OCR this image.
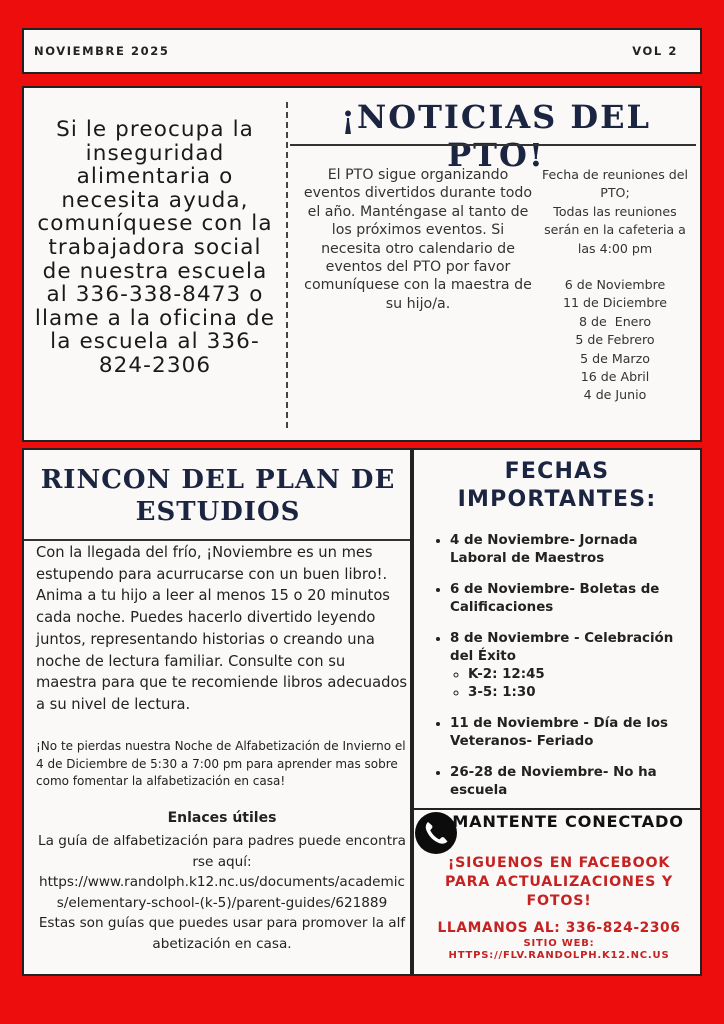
NOVIEMBRE 2025	VOL 2
Si le preocupa la inseguridad alimentaria o necesita ayuda, comuníquese con la trabajadora social de nuestra escuela al 336-338-8473 o llame a la oficina de la escuela al 336-824-2306
¡NOTICIAS DEL PTO!
El PTO sigue organizando eventos divertidos durante todo el año. Manténgase al tanto de los próximos eventos. Si necesita otro calendario de eventos del PTO por favor comuníquese con la maestra de su hijo/a.
Fecha de reuniones del PTO;
Todas las reuniones serán en la cafeteria a las 4:00 pm
6 de Noviembre
11 de Diciembre
8 de  Enero
5 de Febrero
5 de Marzo
16 de Abril
4 de Junio
RINCON DEL PLAN DE ESTUDIOS
Con la llegada del frío, ¡Noviembre es un mes estupendo para acurrucarse con un buen libro!. Anima a tu hijo a leer al menos 15 o 20 minutos cada noche. Puedes hacerlo divertido leyendo juntos, representando historias o creando una noche de lectura familiar. Consulte con su maestra para que te recomiende libros adecuados a su nivel de lectura.
¡No te pierdas nuestra Noche de Alfabetización de Invierno el 4 de Diciembre de 5:30 a 7:00 pm para aprender mas sobre como fomentar la alfabetización en casa!
Enlaces útiles
La guía de alfabetización para padres puede encontrarse aquí:
https://www.randolph.k12.nc.us/documents/academics/elementary-school-(k-5)/parent-guides/621889
Estas son guías que puedes usar para promover la alfabetización en casa.
FECHAS IMPORTANTES:
• 4 de Noviembre- Jornada Laboral de Maestros
• 6 de Noviembre- Boletas de Calificaciones
• 8 de Noviembre - Celebración del Éxito
◦ K-2: 12:45
◦ 3-5: 1:30
• 11 de Noviembre - Día de los Veteranos- Feriado
• 26-28 de Noviembre- No ha escuela
MANTENTE CONECTADO
¡SIGUENOS EN FACEBOOK PARA ACTUALIZACIONES Y FOTOS!
LLAMANOS AL: 336-824-2306
SITIO WEB:
HTTPS://FLV.RANDOLPH.K12.NC.US
